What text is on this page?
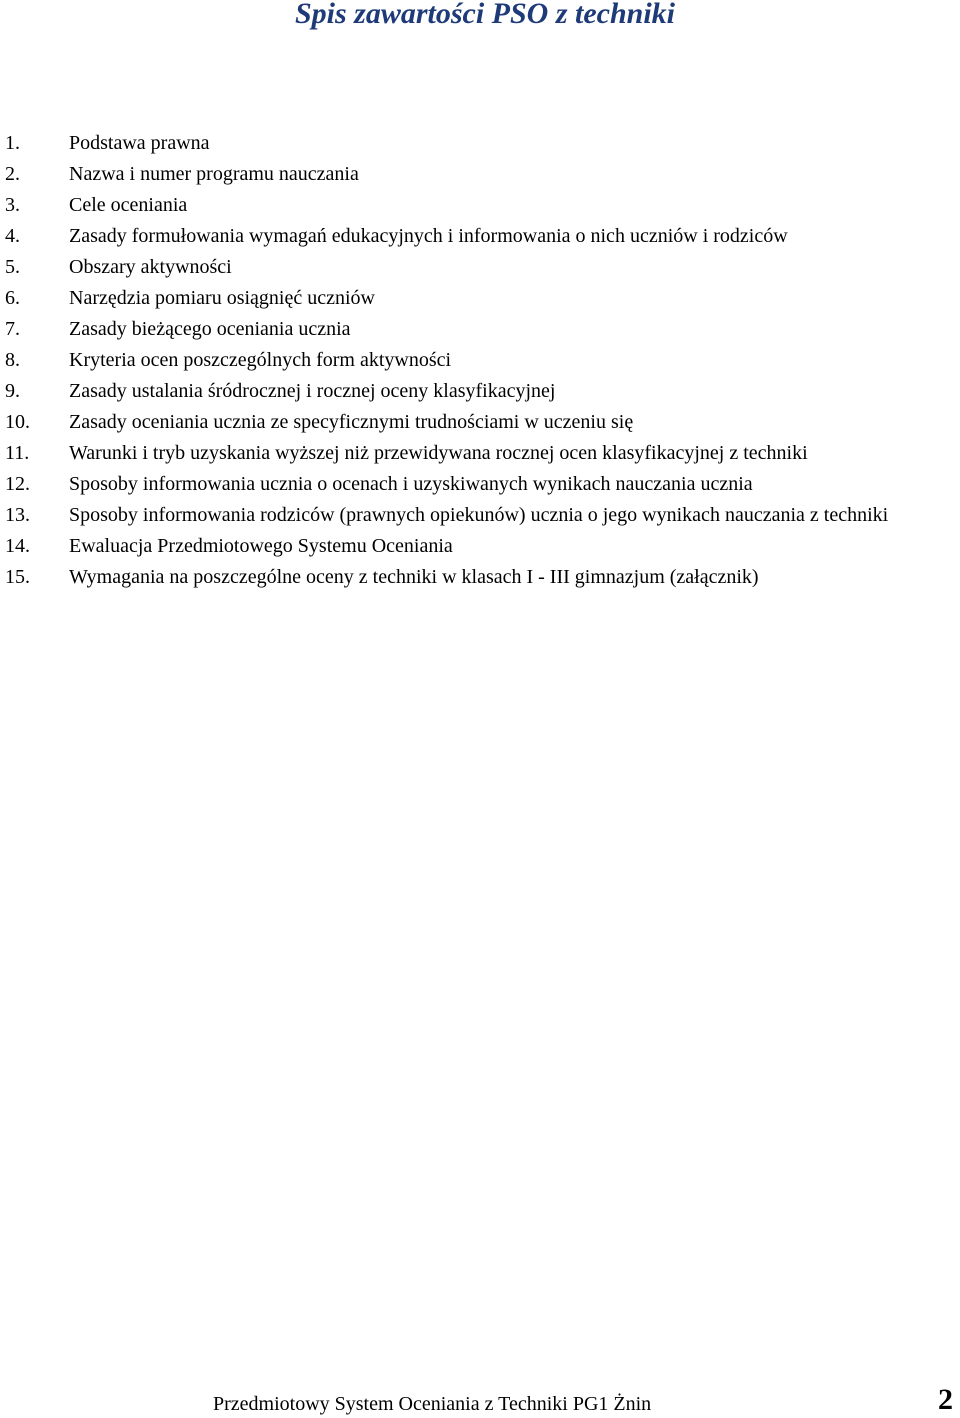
Spis zawartości PSO z techniki
1. Podstawa prawna
2. Nazwa i numer programu nauczania
3. Cele oceniania
4. Zasady formułowania wymagań edukacyjnych i informowania o nich uczniów i rodziców
5. Obszary aktywności
6. Narzędzia pomiaru osiągnięć uczniów
7. Zasady bieżącego oceniania ucznia
8. Kryteria ocen poszczególnych form aktywności
9. Zasady ustalania śródrocznej i rocznej oceny klasyfikacyjnej
10. Zasady oceniania ucznia ze specyficznymi trudnościami w uczeniu się
11. Warunki i tryb uzyskania wyższej niż przewidywana rocznej ocen klasyfikacyjnej z techniki
12. Sposoby informowania ucznia o ocenach i uzyskiwanych wynikach nauczania ucznia
13. Sposoby informowania rodziców (prawnych opiekunów) ucznia o jego wynikach nauczania z techniki
14. Ewaluacja Przedmiotowego Systemu Oceniania
15. Wymagania na poszczególne oceny z techniki w klasach I - III gimnazjum (załącznik)
Przedmiotowy System Oceniania z Techniki PG1 Żnin	2
